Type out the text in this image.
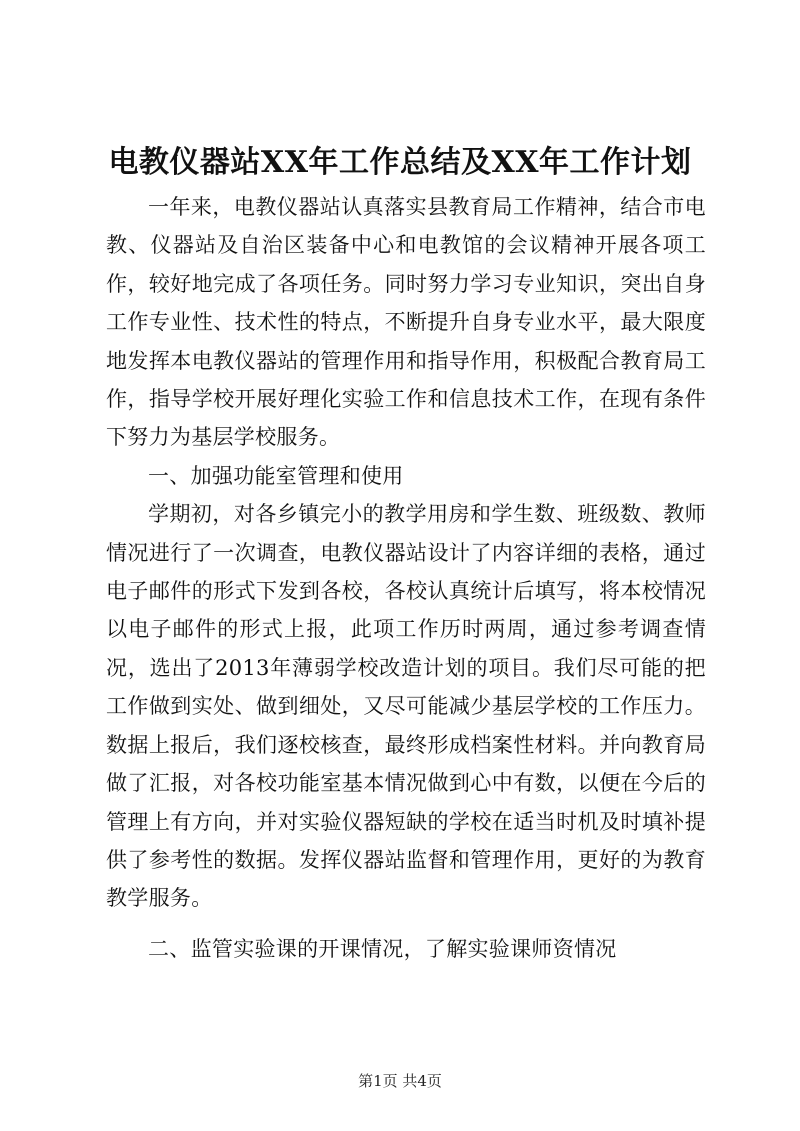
电教仪器站XX年工作总结及XX年工作计划

一年来，电教仪器站认真落实县教育局工作精神，结合市电教、仪器站及自治区装备中心和电教馆的会议精神开展各项工作，较好地完成了各项任务。同时努力学习专业知识，突出自身工作专业性、技术性的特点，不断提升自身专业水平，最大限度地发挥本电教仪器站的管理作用和指导作用，积极配合教育局工作，指导学校开展好理化实验工作和信息技术工作，在现有条件下努力为基层学校服务。

一、加强功能室管理和使用

学期初，对各乡镇完小的教学用房和学生数、班级数、教师情况进行了一次调查，电教仪器站设计了内容详细的表格，通过电子邮件的形式下发到各校，各校认真统计后填写，将本校情况以电子邮件的形式上报，此项工作历时两周，通过参考调查情况，选出了2013年薄弱学校改造计划的项目。我们尽可能的把工作做到实处、做到细处，又尽可能减少基层学校的工作压力。数据上报后，我们逐校核查，最终形成档案性材料。并向教育局做了汇报，对各校功能室基本情况做到心中有数，以便在今后的管理上有方向，并对实验仪器短缺的学校在适当时机及时填补提供了参考性的数据。发挥仪器站监督和管理作用，更好的为教育教学服务。

二、监管实验课的开课情况，了解实验课师资情况

第1页 共4页
